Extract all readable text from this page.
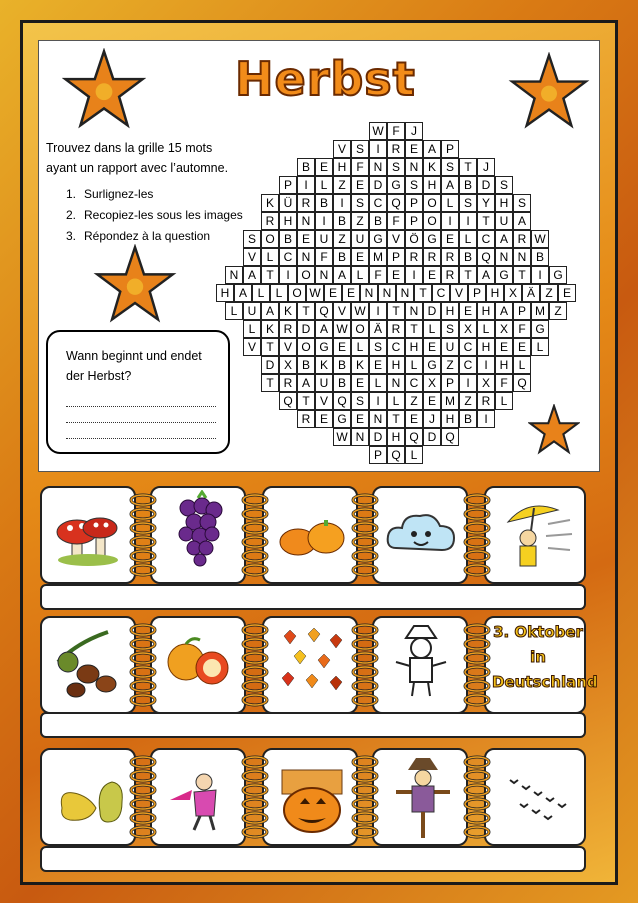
Herbst
Trouvez dans la grille 15 mots
ayant un rapport avec l’automne.
1. Surlignez-les
2. Recopiez-les sous les images
3. Répondez à la question
Wann beginnt und endet
der Herbst?
W F J
V S	I R E A P
B E H F N S N K S T J
P	I	L Z E D G S H A B D S
K Ü R B	I	S C Q P O L S Y H S
R H N	I	B Z B F P O I	I	T U A
S O B E U Z U G V Ö G E L C A R W
V L C N F B E M P R R R B Q N N B
N A T	I O N A L F E	I	E R T A G T	I G
H A L L O W E E N N N T C V P H X Ä Z E
L U A K T Q V W I	T N D H E H A P M Z
L K R D A W O Ä R T L S X L X F G
V T V O G E L S C H E U C H E E L
D X B K B K E H L G Z C	I H L
T R A U B E L N C X P	I	X F Q
Q T V Q S	I	L Z E M Z R L
R E G E N T E J H B	I
W N D H Q D Q
P Q L
3. Oktober
in
Deutschland
